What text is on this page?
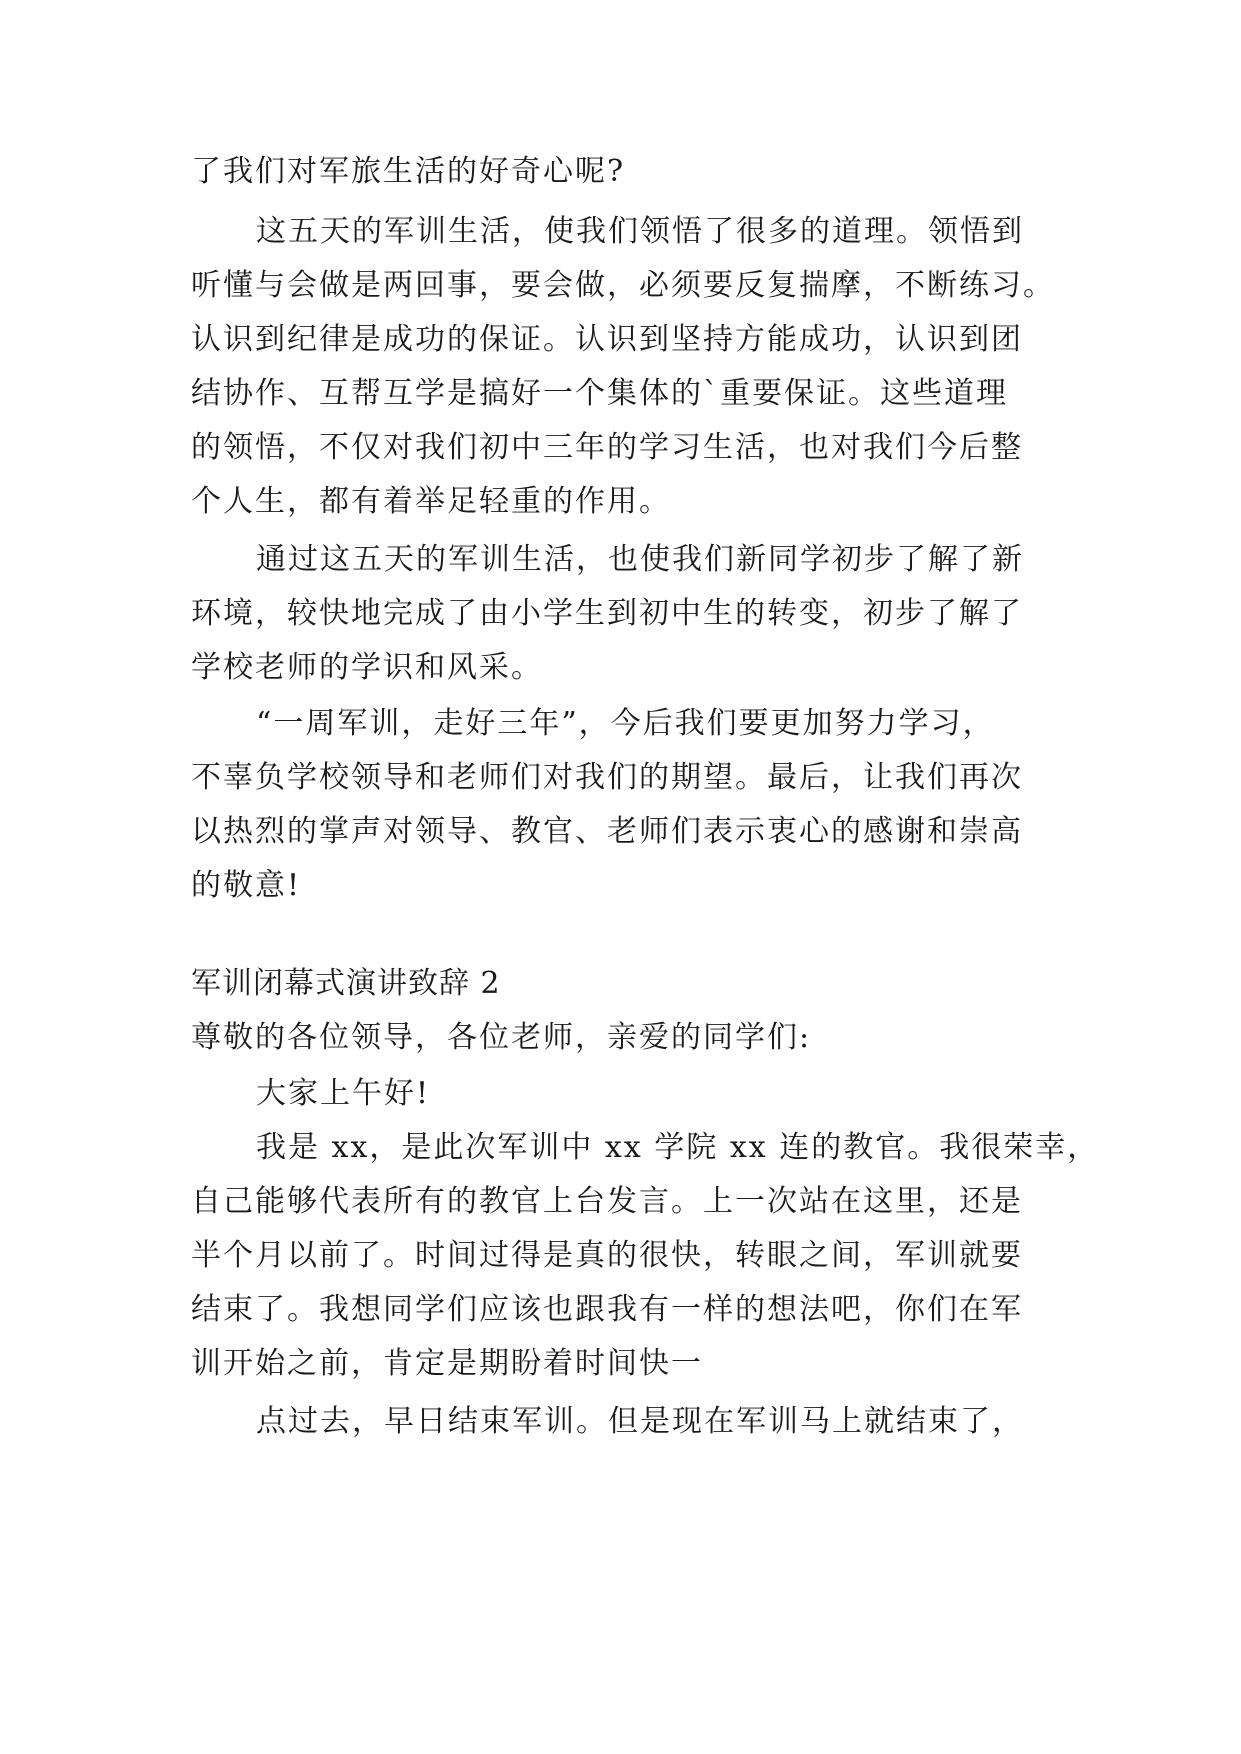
了我们对军旅生活的好奇心呢?
这五天的军训生活，使我们领悟了很多的道理。领悟到
听懂与会做是两回事，要会做，必须要反复揣摩，不断练习。
认识到纪律是成功的保证。认识到坚持方能成功，认识到团
结协作、互帮互学是搞好一个集体的`重要保证。这些道理
的领悟，不仅对我们初中三年的学习生活，也对我们今后整
个人生，都有着举足轻重的作用。
通过这五天的军训生活，也使我们新同学初步了解了新
环境，较快地完成了由小学生到初中生的转变，初步了解了
学校老师的学识和风采。
“一周军训，走好三年”，今后我们要更加努力学习，
不辜负学校领导和老师们对我们的期望。最后，让我们再次
以热烈的掌声对领导、教官、老师们表示衷心的感谢和崇高
的敬意!
军训闭幕式演讲致辞 2
尊敬的各位领导，各位老师，亲爱的同学们:
大家上午好!
我是 xx，是此次军训中 xx 学院 xx 连的教官。我很荣幸，
自己能够代表所有的教官上台发言。上一次站在这里，还是
半个月以前了。时间过得是真的很快，转眼之间，军训就要
结束了。我想同学们应该也跟我有一样的想法吧，你们在军
训开始之前，肯定是期盼着时间快一
点过去，早日结束军训。但是现在军训马上就结束了，
